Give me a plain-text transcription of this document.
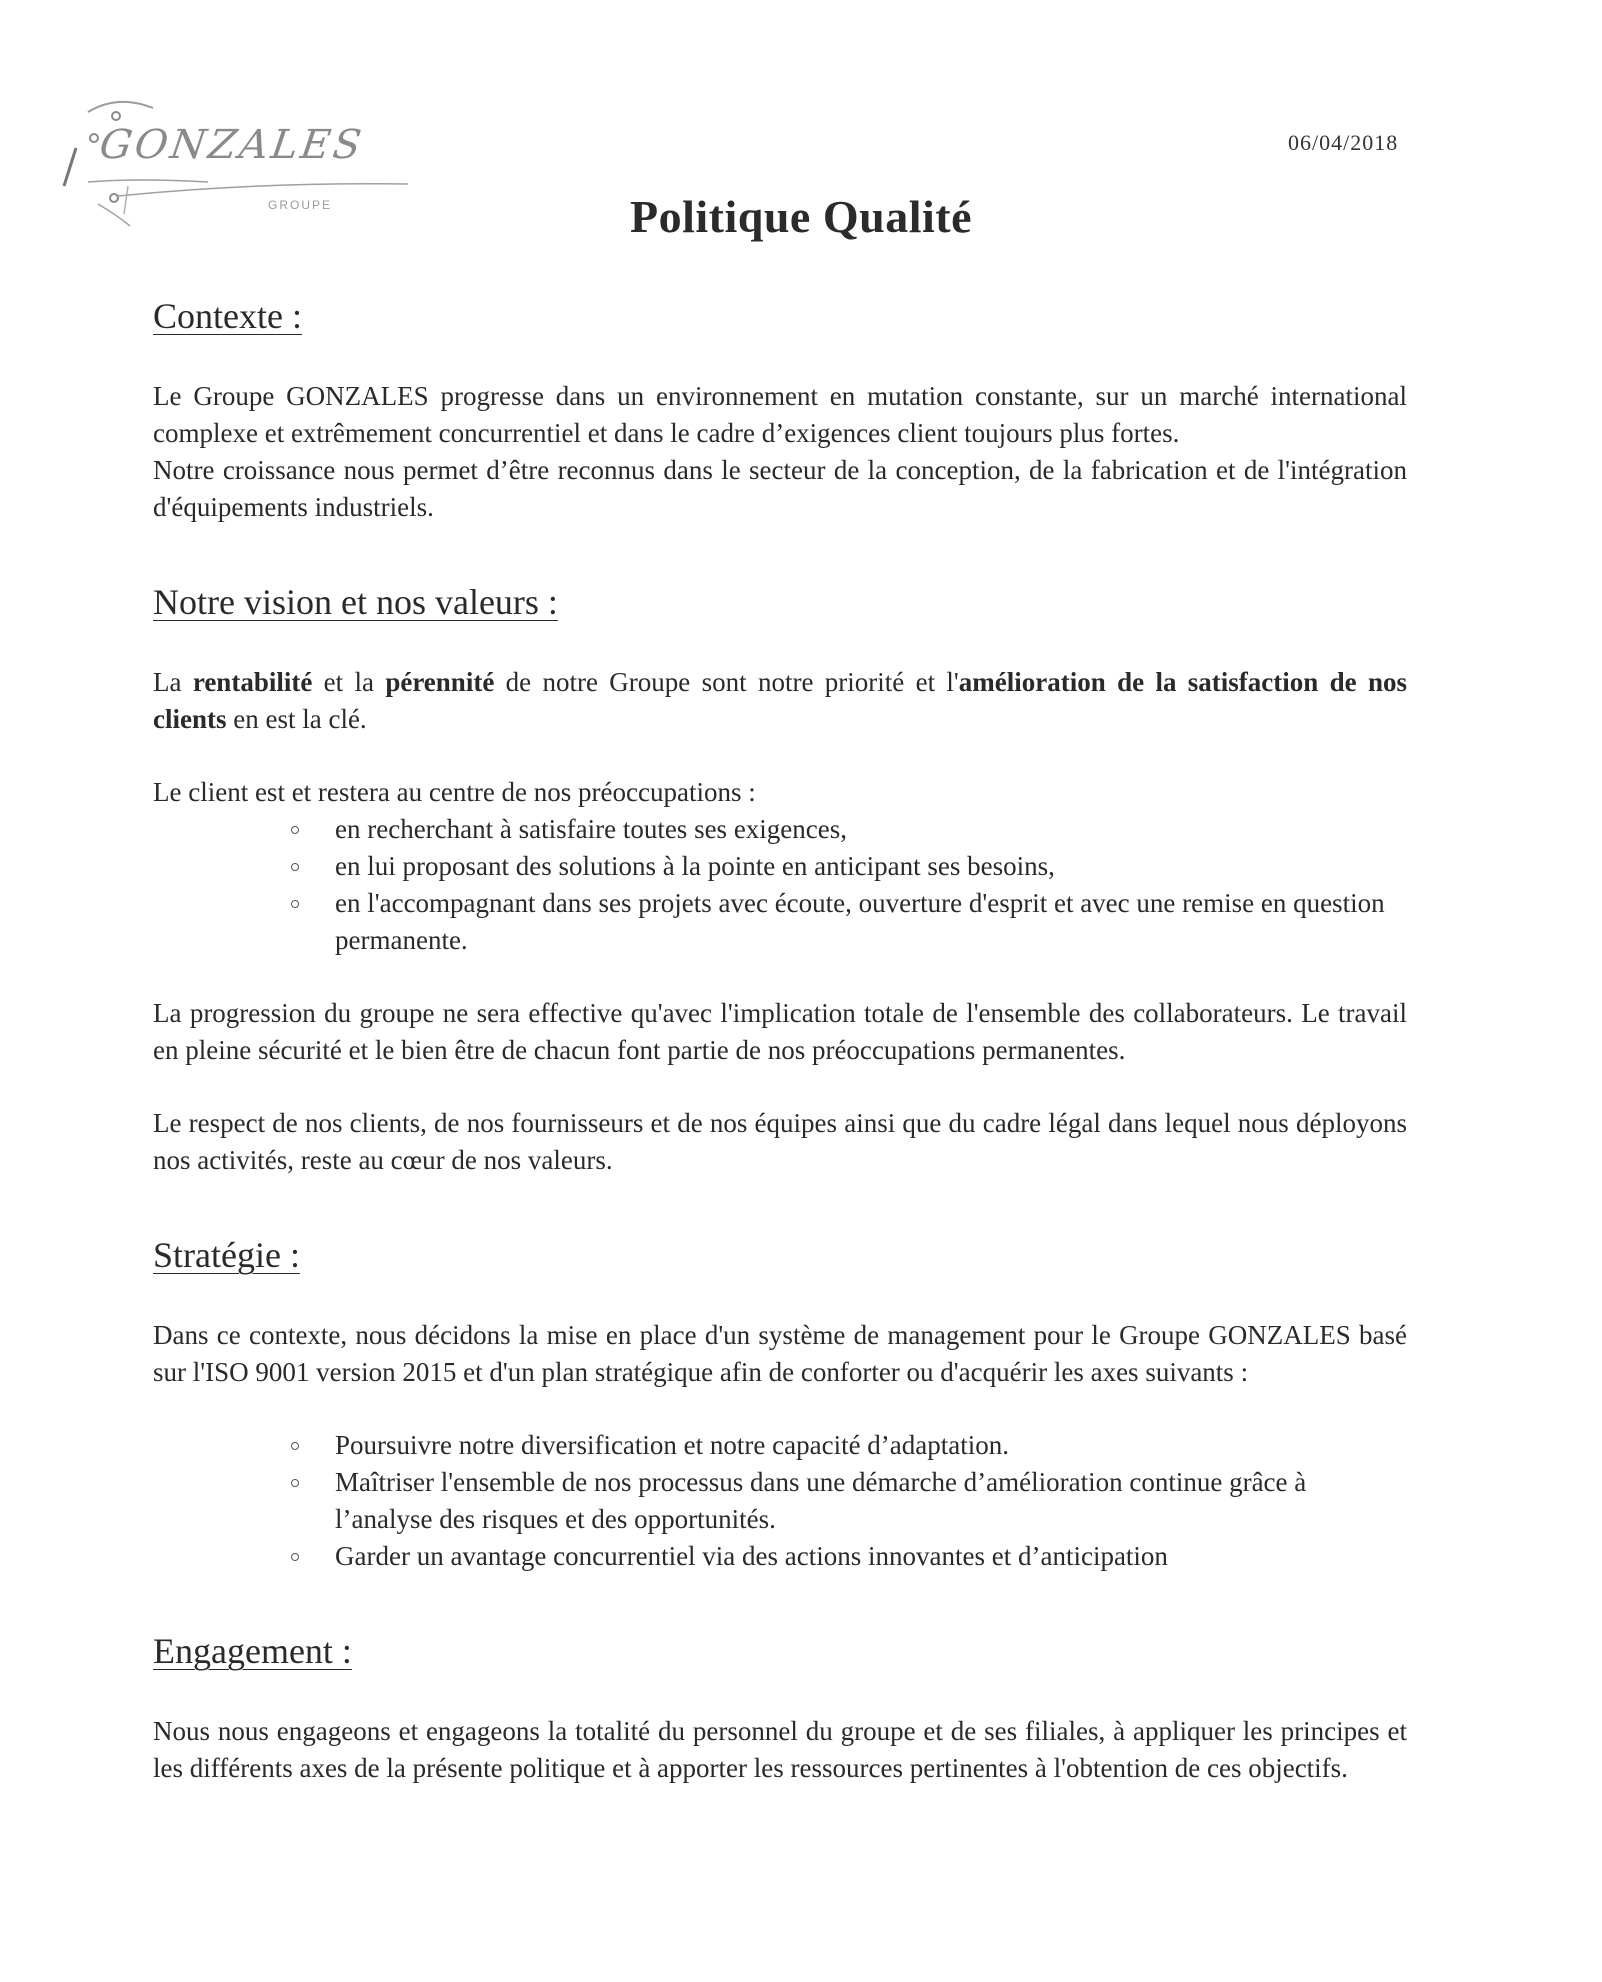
GONZALES
GROUPE
06/04/2018
Politique Qualité
Contexte :

Le Groupe GONZALES progresse dans un environnement en mutation constante, sur un marché international complexe et extrêmement concurrentiel et dans le cadre d’exigences client toujours plus fortes.

Notre croissance nous permet d’être reconnus dans le secteur de la conception, de la fabrication et de l'intégration d'équipements industriels.

Notre vision et nos valeurs :

La rentabilité et la pérennité de notre Groupe sont notre priorité et l'amélioration de la satisfaction de nos clients en est la clé.

Le client est et restera au centre de nos préoccupations :

en recherchant à satisfaire toutes ses exigences,
en lui proposant des solutions à la pointe en anticipant ses besoins,
en l'accompagnant dans ses projets avec écoute, ouverture d'esprit et avec une remise en question permanente.

La progression du groupe ne sera effective qu'avec l'implication totale de l'ensemble des collaborateurs. Le travail en pleine sécurité et le bien être de chacun font partie de nos préoccupations permanentes.

Le respect de nos clients, de nos fournisseurs et de nos équipes ainsi que du cadre légal dans lequel nous déployons nos activités, reste au cœur de nos valeurs.

Stratégie :

Dans ce contexte, nous décidons la mise en place d'un système de management pour le Groupe GONZALES basé sur l'ISO 9001 version 2015 et d'un plan stratégique afin de conforter ou d'acquérir les axes suivants :

Poursuivre notre diversification et notre capacité d’adaptation.
Maîtriser l'ensemble de nos processus dans une démarche d’amélioration continue grâce à l’analyse des risques et des opportunités.
Garder un avantage concurrentiel via des actions innovantes et d’anticipation
Engagement :

Nous nous engageons et engageons la totalité du personnel du groupe et de ses filiales, à appliquer les principes et les différents axes de la présente politique et à apporter les ressources pertinentes à l'obtention de ces objectifs.
